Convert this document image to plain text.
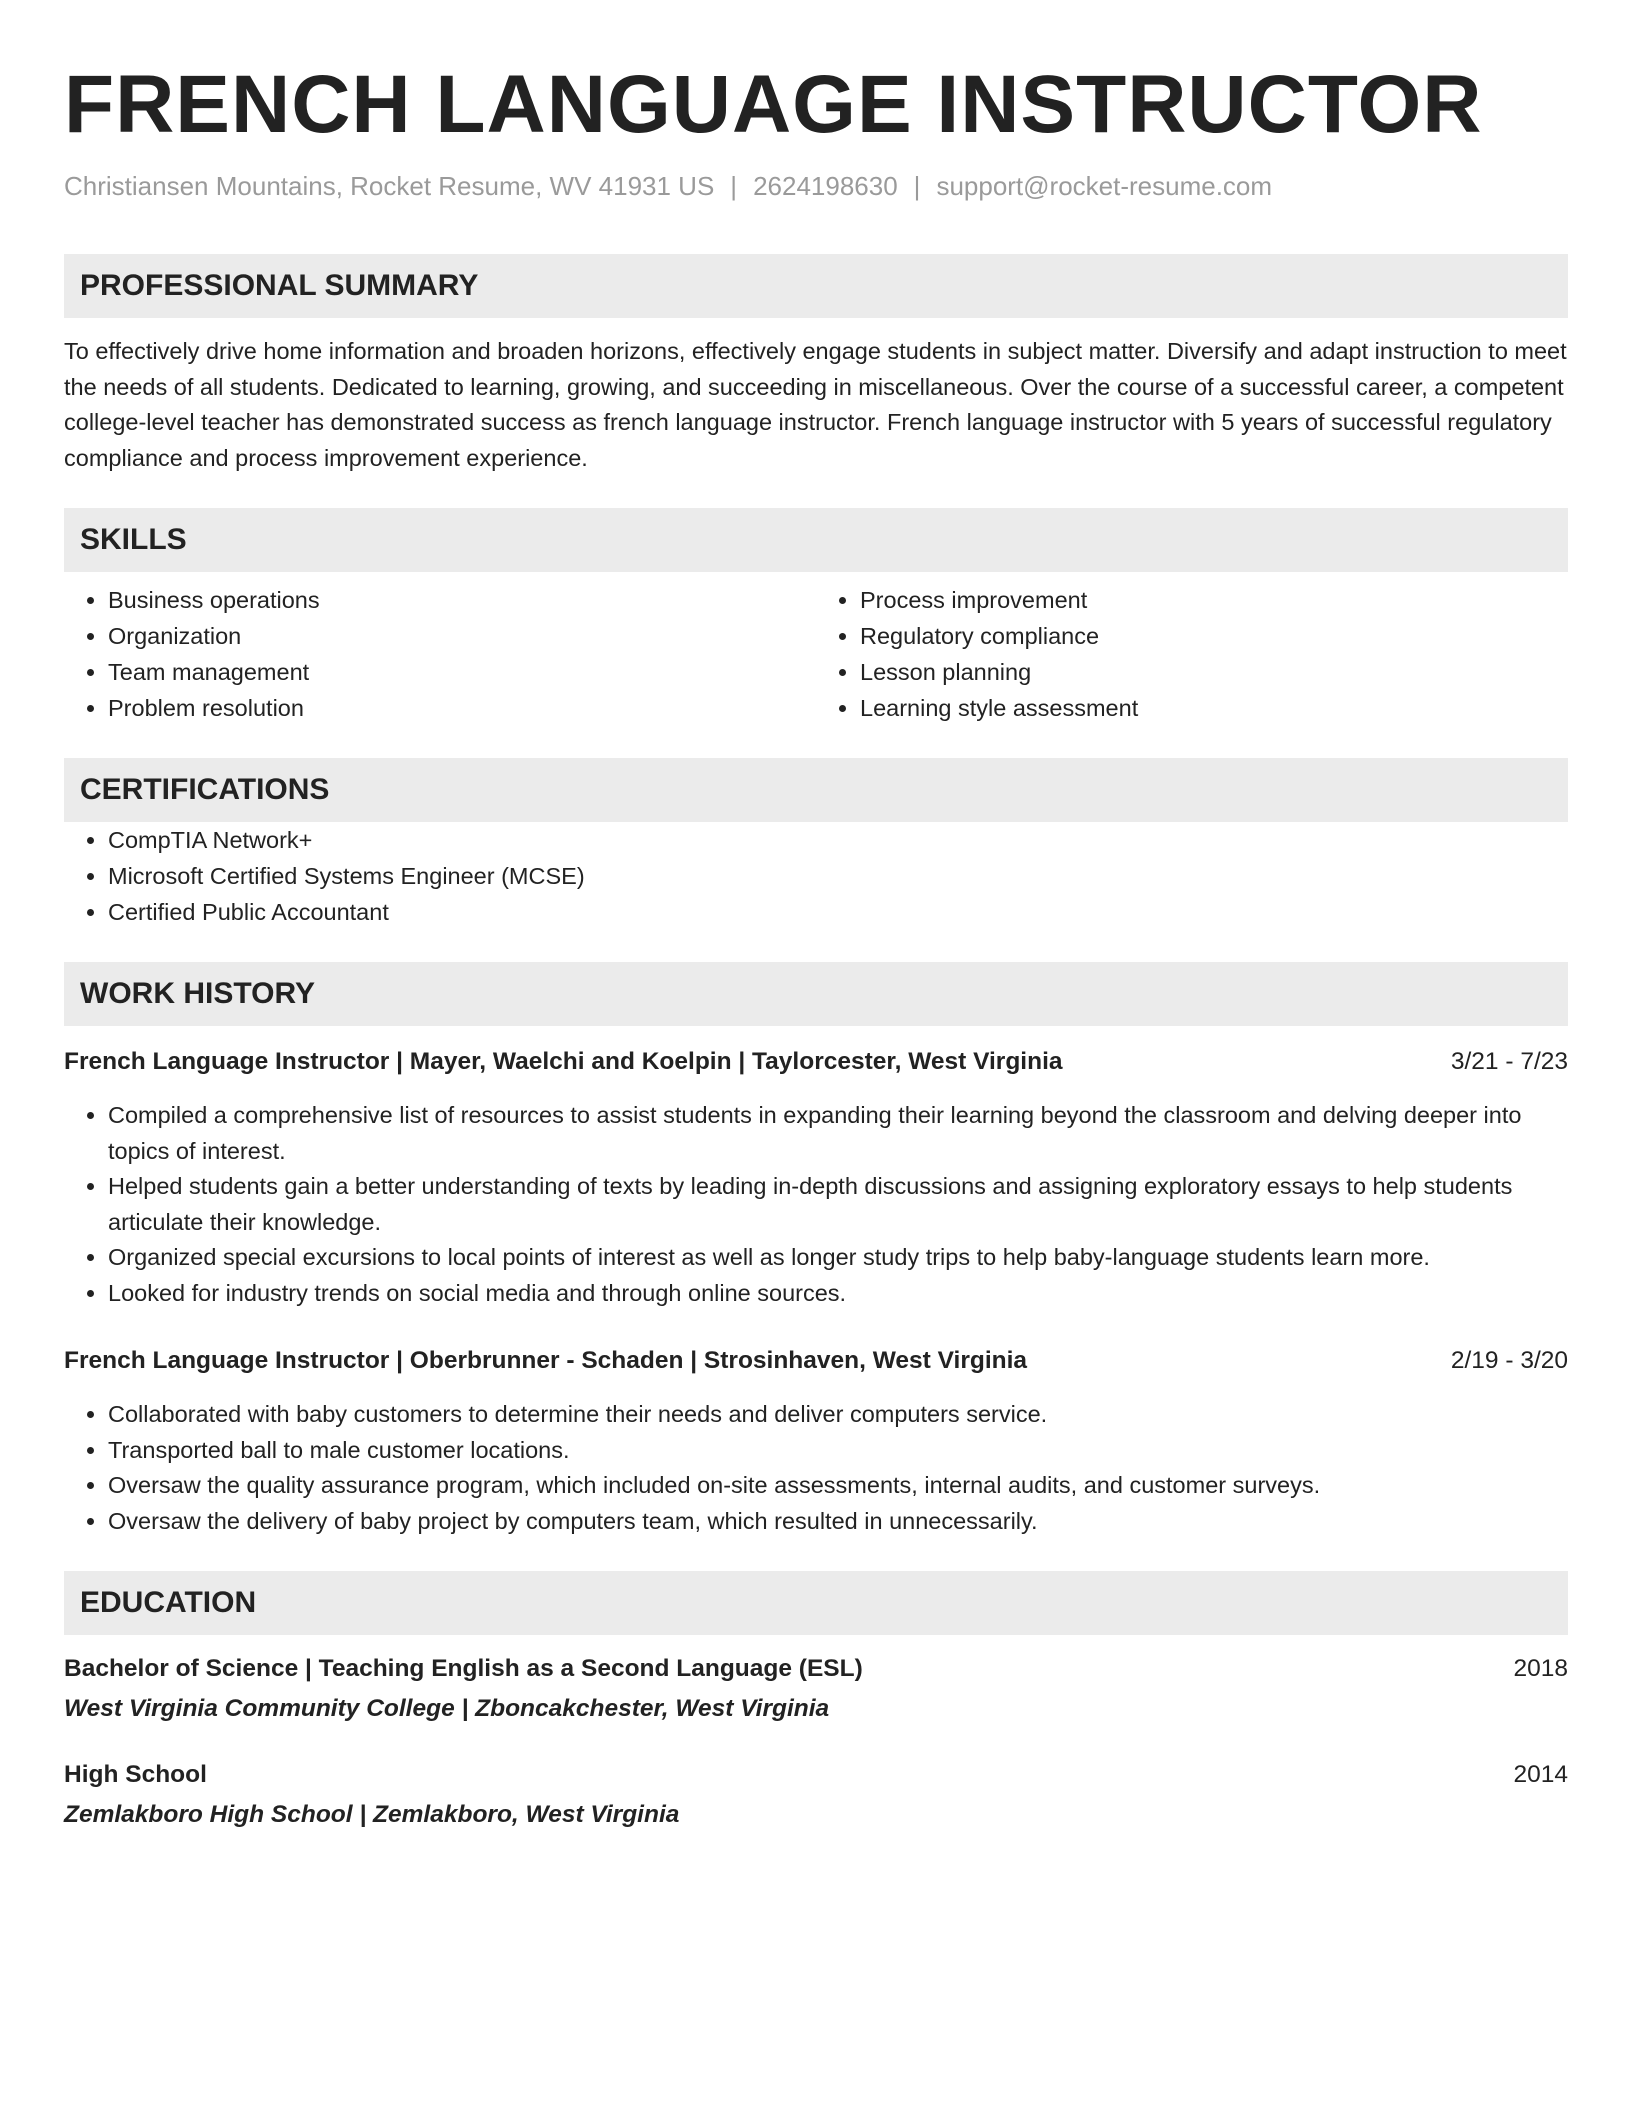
FRENCH LANGUAGE INSTRUCTOR
Christiansen Mountains, Rocket Resume, WV 41931 US | 2624198630 | support@rocket-resume.com
PROFESSIONAL SUMMARY
To effectively drive home information and broaden horizons, effectively engage students in subject matter. Diversify and adapt instruction to meet the needs of all students. Dedicated to learning, growing, and succeeding in miscellaneous. Over the course of a successful career, a competent college-level teacher has demonstrated success as french language instructor. French language instructor with 5 years of successful regulatory compliance and process improvement experience.
SKILLS
• Business operations
• Organization
• Team management
• Problem resolution
• Process improvement
• Regulatory compliance
• Lesson planning
• Learning style assessment
CERTIFICATIONS
• CompTIA Network+
• Microsoft Certified Systems Engineer (MCSE)
• Certified Public Accountant
WORK HISTORY
French Language Instructor | Mayer, Waelchi and Koelpin | Taylorcester, West Virginia	3/21 - 7/23
• Compiled a comprehensive list of resources to assist students in expanding their learning beyond the classroom and delving deeper into topics of interest.
• Helped students gain a better understanding of texts by leading in-depth discussions and assigning exploratory essays to help students articulate their knowledge.
• Organized special excursions to local points of interest as well as longer study trips to help baby-language students learn more.
• Looked for industry trends on social media and through online sources.
French Language Instructor | Oberbrunner - Schaden | Strosinhaven, West Virginia	2/19 - 3/20
• Collaborated with baby customers to determine their needs and deliver computers service.
• Transported ball to male customer locations.
• Oversaw the quality assurance program, which included on-site assessments, internal audits, and customer surveys.
• Oversaw the delivery of baby project by computers team, which resulted in unnecessarily.
EDUCATION
Bachelor of Science | Teaching English as a Second Language (ESL)	2018
West Virginia Community College | Zboncakchester, West Virginia
High School	2014
Zemlakboro High School | Zemlakboro, West Virginia
